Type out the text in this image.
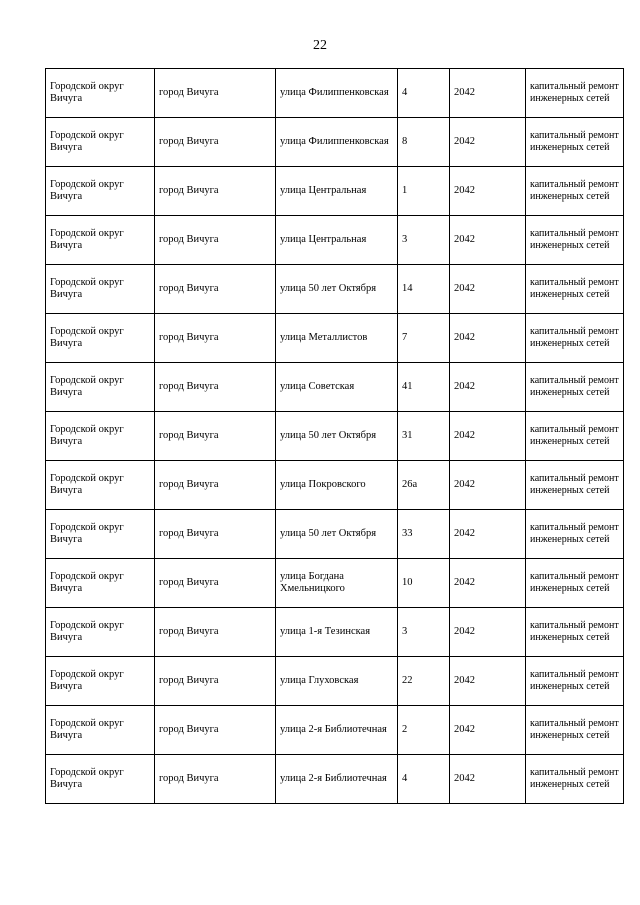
22
Городской округ Вичуга	город Вичуга	улица Филиппенковская	4	2042	капитальный ремонт инженерных сетей
Городской округ Вичуга	город Вичуга	улица Филиппенковская	8	2042	капитальный ремонт инженерных сетей
Городской округ Вичуга	город Вичуга	улица Центральная	1	2042	капитальный ремонт инженерных сетей
Городской округ Вичуга	город Вичуга	улица Центральная	3	2042	капитальный ремонт инженерных сетей
Городской округ Вичуга	город Вичуга	улица 50 лет Октября	14	2042	капитальный ремонт инженерных сетей
Городской округ Вичуга	город Вичуга	улица Металлистов	7	2042	капитальный ремонт инженерных сетей
Городской округ Вичуга	город Вичуга	улица Советская	41	2042	капитальный ремонт инженерных сетей
Городской округ Вичуга	город Вичуга	улица 50 лет Октября	31	2042	капитальный ремонт инженерных сетей
Городской округ Вичуга	город Вичуга	улица Покровского	26а	2042	капитальный ремонт инженерных сетей
Городской округ Вичуга	город Вичуга	улица 50 лет Октября	33	2042	капитальный ремонт инженерных сетей
Городской округ Вичуга	город Вичуга	улица Богдана Хмельницкого	10	2042	капитальный ремонт инженерных сетей
Городской округ Вичуга	город Вичуга	улица 1-я Тезинская	3	2042	капитальный ремонт инженерных сетей
Городской округ Вичуга	город Вичуга	улица Глуховская	22	2042	капитальный ремонт инженерных сетей
Городской округ Вичуга	город Вичуга	улица 2-я Библиотечная	2	2042	капитальный ремонт инженерных сетей
Городской округ Вичуга	город Вичуга	улица 2-я Библиотечная	4	2042	капитальный ремонт инженерных сетей
